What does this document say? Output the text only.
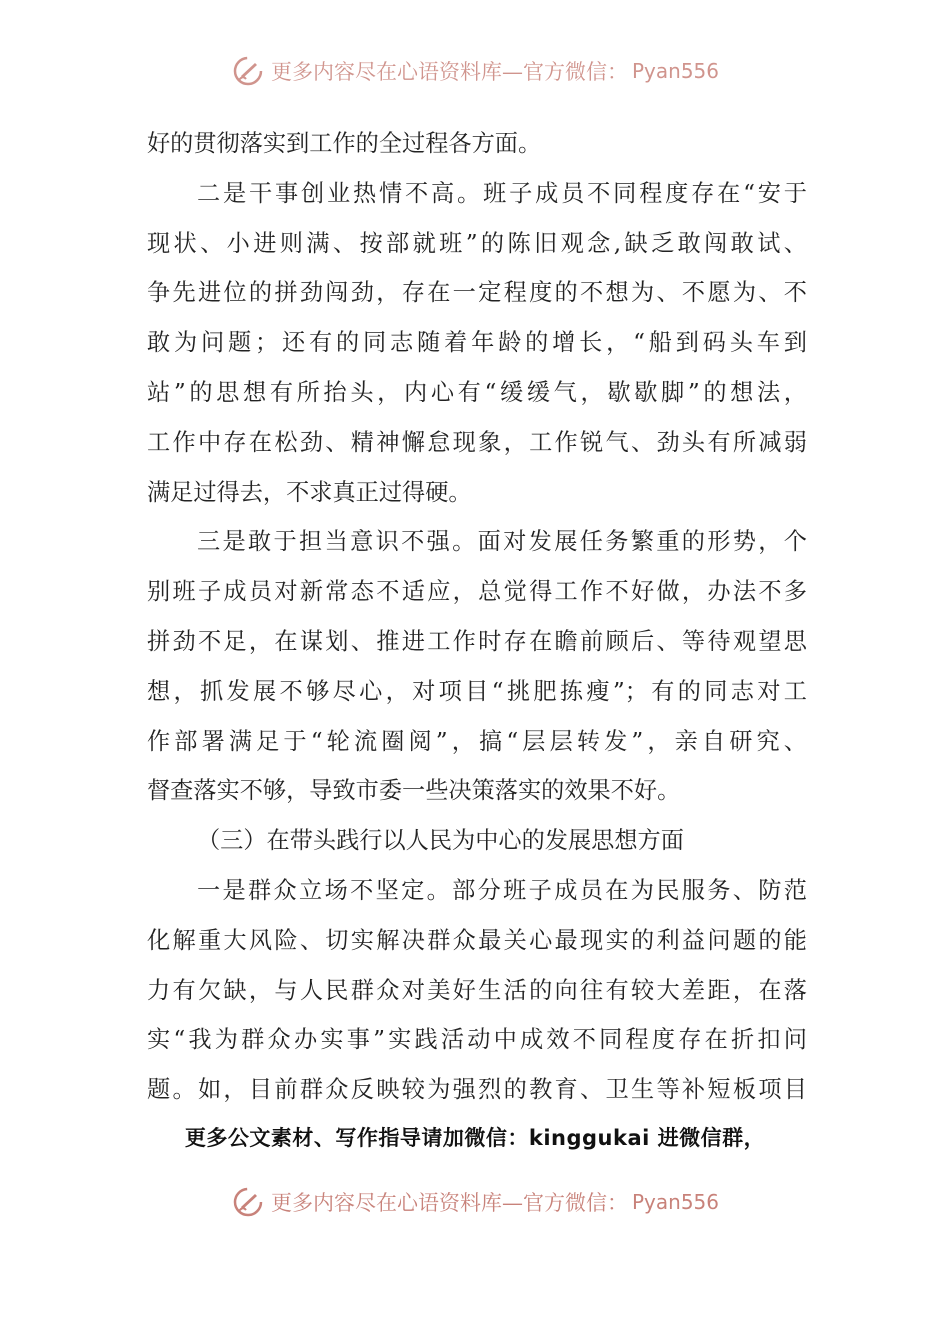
更多内容尽在心语资料库—官方微信： Pyan556
好的贯彻落实到工作的全过程各方面。
二是干事创业热情不高。班子成员不同程度存在“安于
现状、小进则满、按部就班”的陈旧观念,缺乏敢闯敢试、
争先进位的拼劲闯劲，存在一定程度的不想为、不愿为、不
敢为问题；还有的同志随着年龄的增长，“船到码头车到
站”的思想有所抬头，内心有“缓缓气，歇歇脚”的想法，
工作中存在松劲、精神懈怠现象，工作锐气、劲头有所减弱
满足过得去，不求真正过得硬。
三是敢于担当意识不强。面对发展任务繁重的形势，个
别班子成员对新常态不适应，总觉得工作不好做，办法不多
拼劲不足，在谋划、推进工作时存在瞻前顾后、等待观望思
想，抓发展不够尽心，对项目“挑肥拣瘦”；有的同志对工
作部署满足于“轮流圈阅”，搞“层层转发”，亲自研究、
督查落实不够，导致市委一些决策落实的效果不好。
（三）在带头践行以人民为中心的发展思想方面
一是群众立场不坚定。部分班子成员在为民服务、防范
化解重大风险、切实解决群众最关心最现实的利益问题的能
力有欠缺，与人民群众对美好生活的向往有较大差距，在落
实“我为群众办实事”实践活动中成效不同程度存在折扣问
题。如，目前群众反映较为强烈的教育、卫生等补短板项目
更多公文素材、写作指导请加微信：kinggukai 进微信群，
更多内容尽在心语资料库—官方微信： Pyan556
